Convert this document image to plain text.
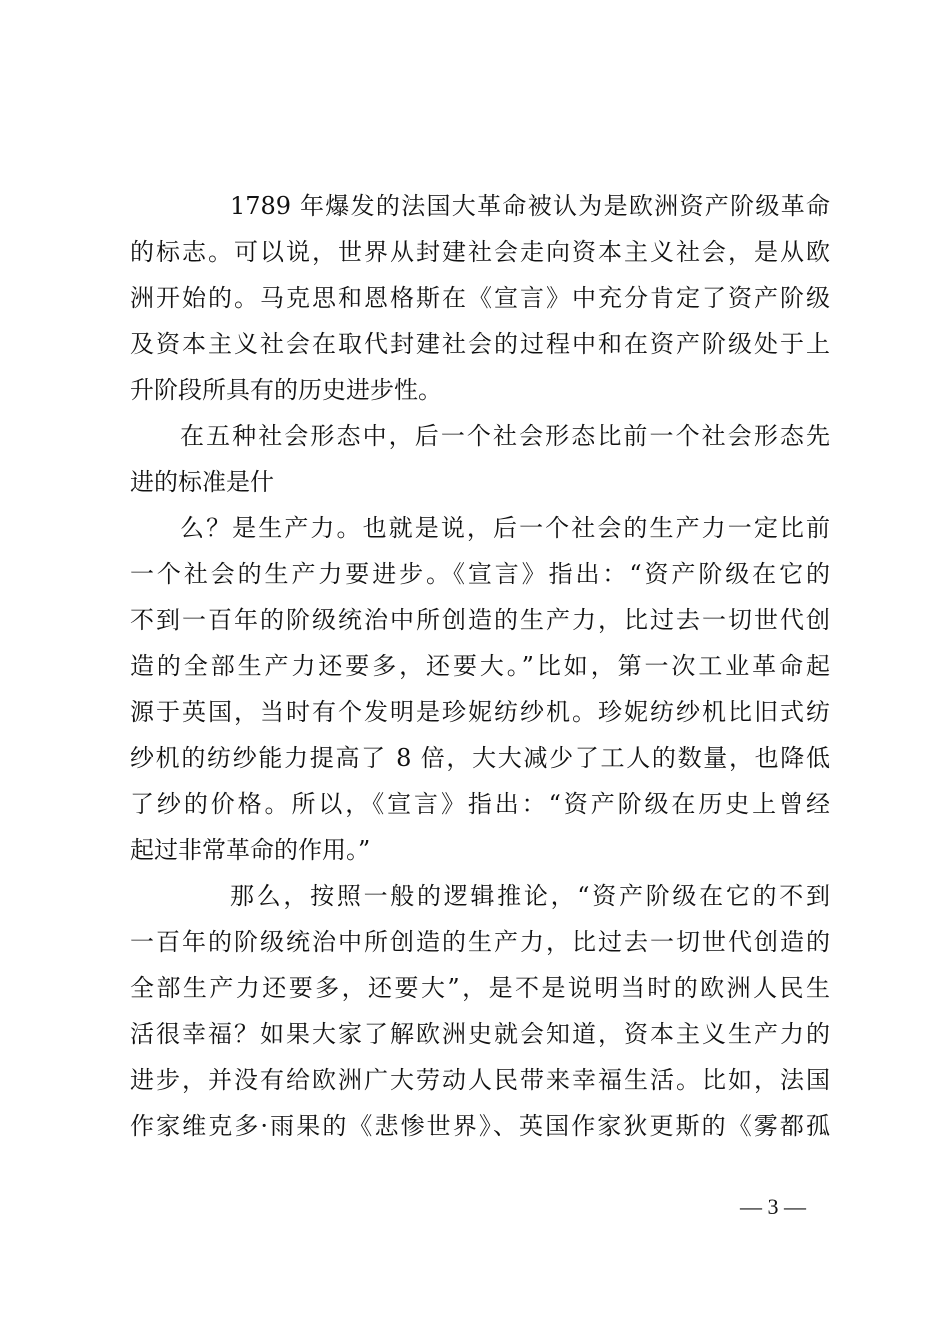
1789 年爆发的法国大革命被认为是欧洲资产阶级革命
的标志。可以说，世界从封建社会走向资本主义社会，是从欧
洲开始的。马克思和恩格斯在《宣言》中充分肯定了资产阶级
及资本主义社会在取代封建社会的过程中和在资产阶级处于上
升阶段所具有的历史进步性。
在五种社会形态中，后一个社会形态比前一个社会形态先
进的标准是什
么？是生产力。也就是说，后一个社会的生产力一定比前
一个社会的生产力要进步。《宣言》指出：“资产阶级在它的
不到一百年的阶级统治中所创造的生产力，比过去一切世代创
造的全部生产力还要多，还要大。”比如，第一次工业革命起
源于英国，当时有个发明是珍妮纺纱机。珍妮纺纱机比旧式纺
纱机的纺纱能力提高了 8 倍，大大减少了工人的数量，也降低
了纱的价格。所以，《宣言》指出：“资产阶级在历史上曾经
起过非常革命的作用。”
那么，按照一般的逻辑推论，“资产阶级在它的不到
一百年的阶级统治中所创造的生产力，比过去一切世代创造的
全部生产力还要多，还要大”，是不是说明当时的欧洲人民生
活很幸福？如果大家了解欧洲史就会知道，资本主义生产力的
进步，并没有给欧洲广大劳动人民带来幸福生活。比如，法国
作家维克多·雨果的《悲惨世界》、英国作家狄更斯的《雾都孤
— 3 —
